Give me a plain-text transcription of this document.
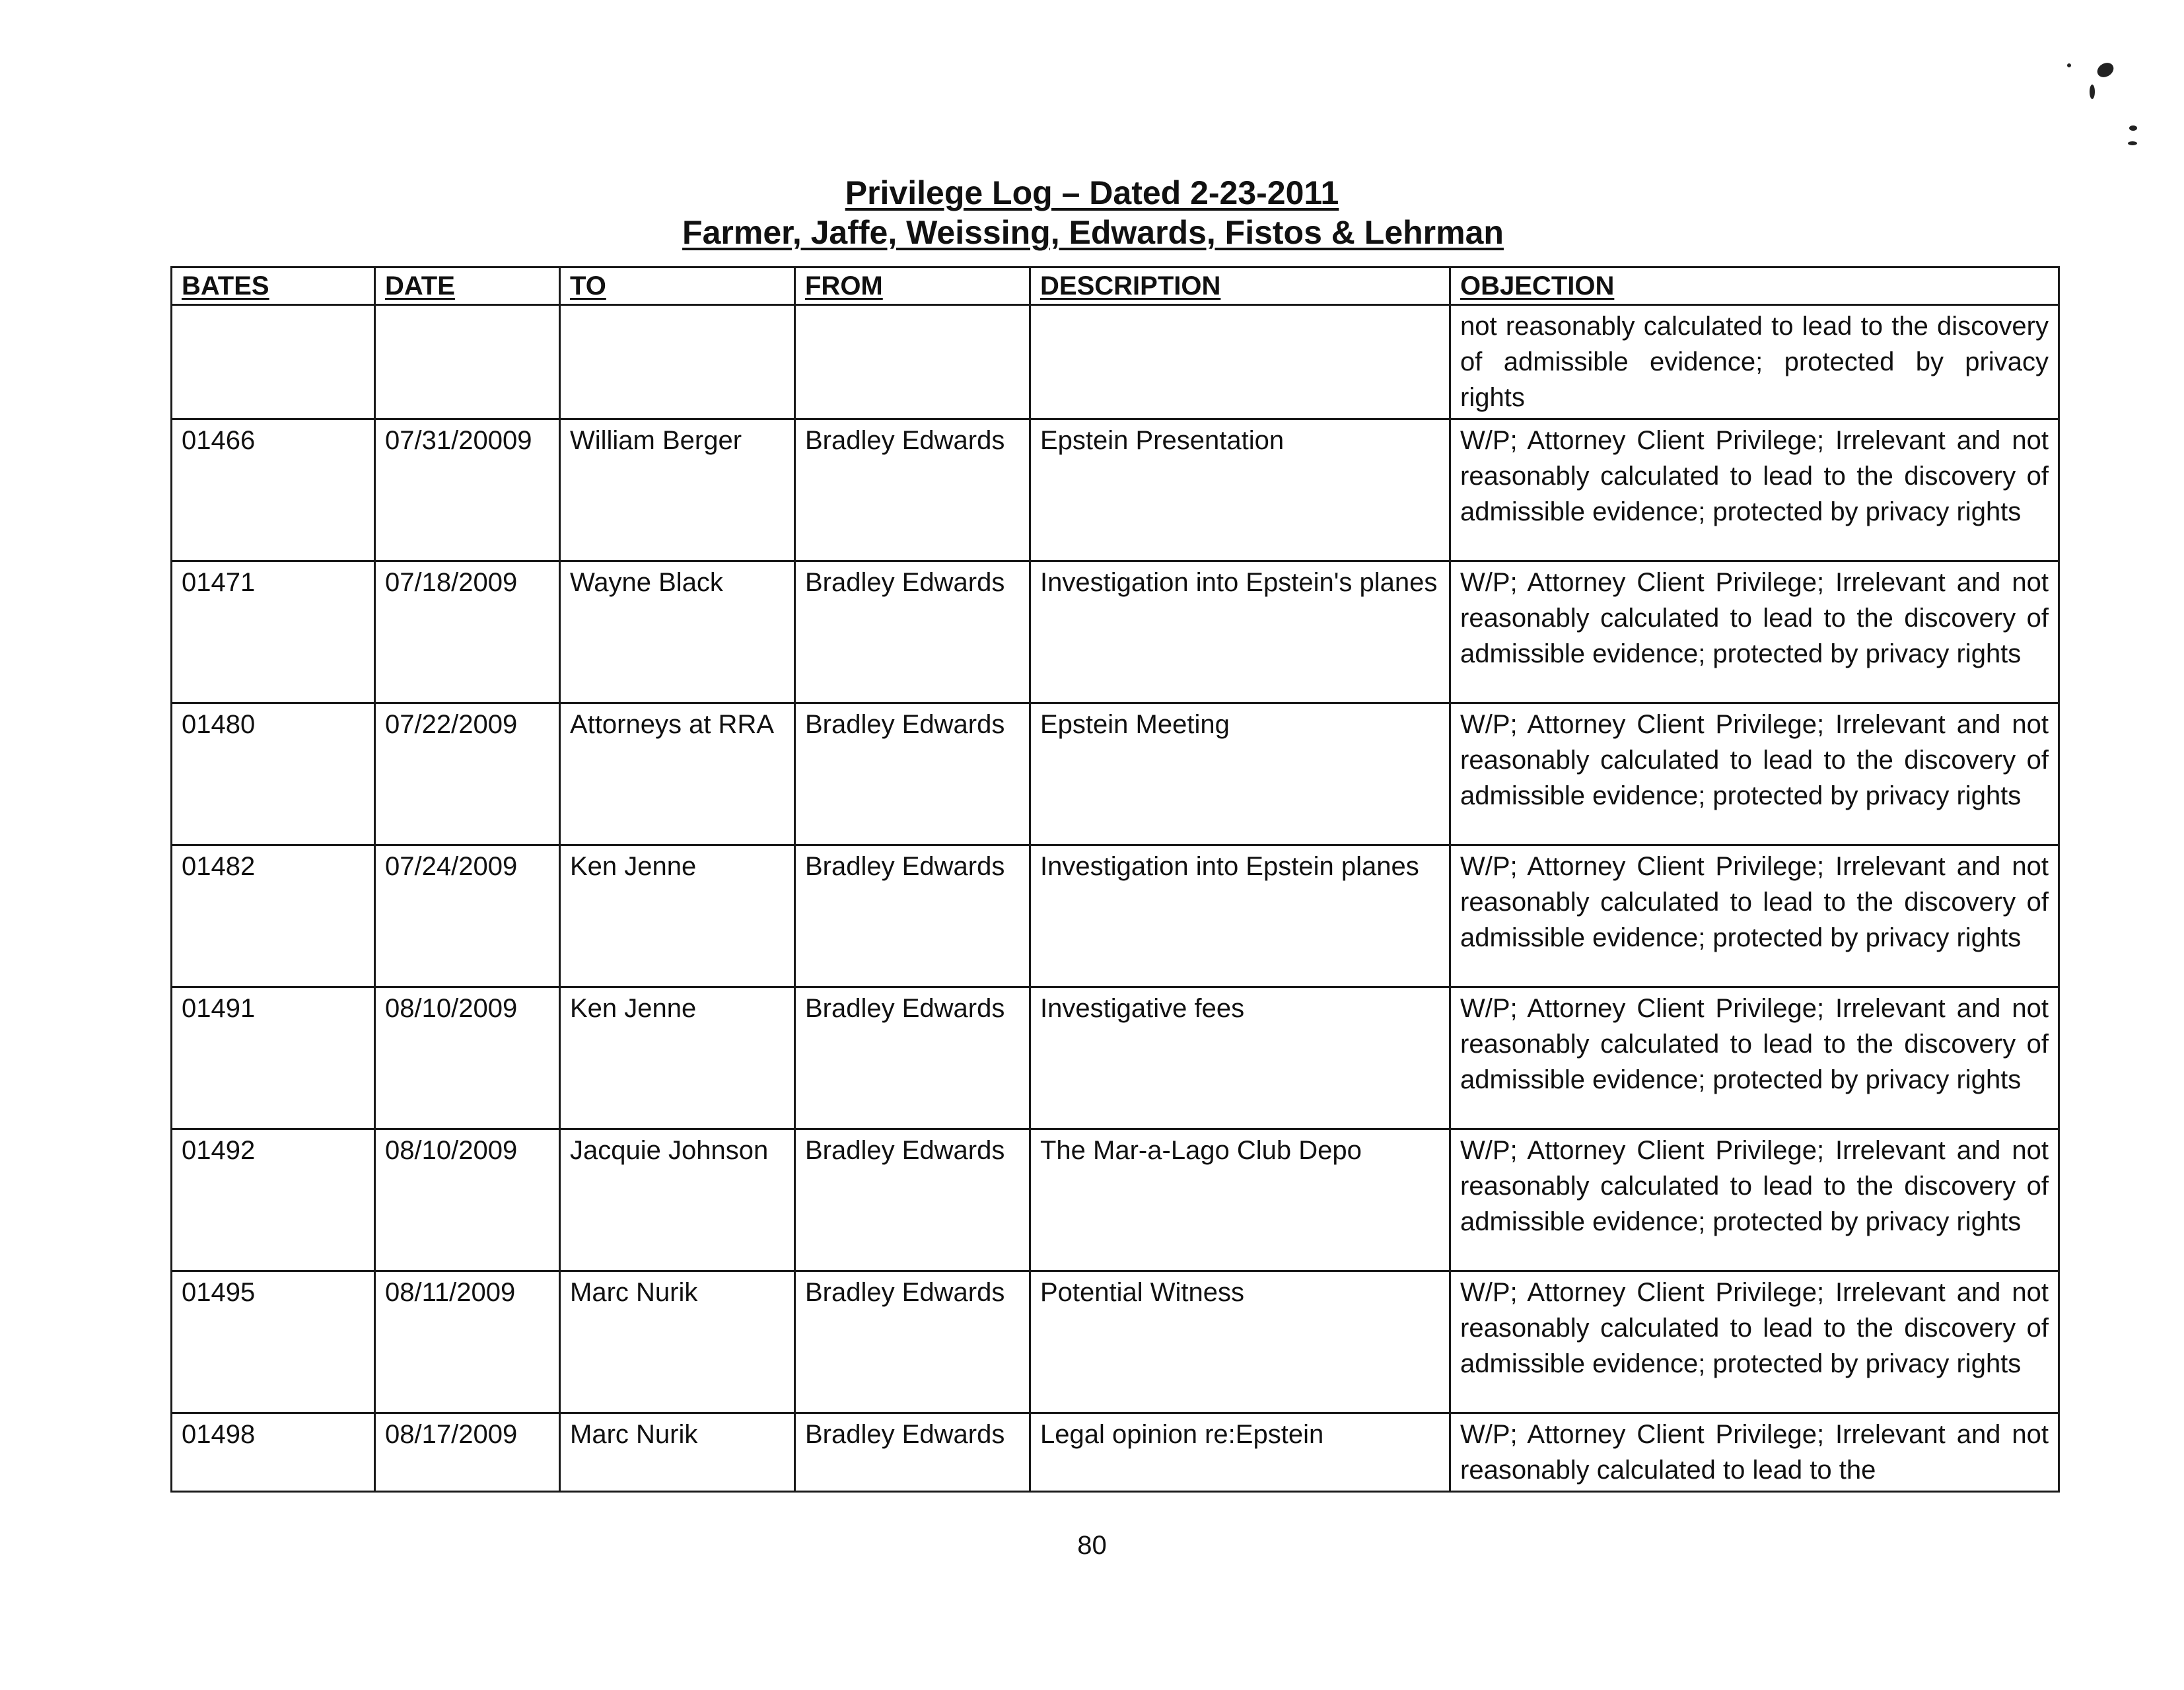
Privilege Log – Dated 2-23-2011
Farmer, Jaffe, Weissing, Edwards, Fistos & Lehrman
BATES	DATE	TO	FROM	DESCRIPTION	OBJECTION
					not reasonably calculated to lead to the discovery of admissible evidence; protected by privacy rights
01466	07/31/20009	William Berger	Bradley Edwards	Epstein Presentation	W/P; Attorney Client Privilege; Irrelevant and not reasonably calculated to lead to the discovery of admissible evidence; protected by privacy rights
01471	07/18/2009	Wayne Black	Bradley Edwards	Investigation into Epstein's planes	W/P; Attorney Client Privilege; Irrelevant and not reasonably calculated to lead to the discovery of admissible evidence; protected by privacy rights
01480	07/22/2009	Attorneys at RRA	Bradley Edwards	Epstein Meeting	W/P; Attorney Client Privilege; Irrelevant and not reasonably calculated to lead to the discovery of admissible evidence; protected by privacy rights
01482	07/24/2009	Ken Jenne	Bradley Edwards	Investigation into Epstein planes	W/P; Attorney Client Privilege; Irrelevant and not reasonably calculated to lead to the discovery of admissible evidence; protected by privacy rights
01491	08/10/2009	Ken Jenne	Bradley Edwards	Investigative fees	W/P; Attorney Client Privilege; Irrelevant and not reasonably calculated to lead to the discovery of admissible evidence; protected by privacy rights
01492	08/10/2009	Jacquie Johnson	Bradley Edwards	The Mar-a-Lago Club Depo	W/P; Attorney Client Privilege; Irrelevant and not reasonably calculated to lead to the discovery of admissible evidence; protected by privacy rights
01495	08/11/2009	Marc Nurik	Bradley Edwards	Potential Witness	W/P; Attorney Client Privilege; Irrelevant and not reasonably calculated to lead to the discovery of admissible evidence; protected by privacy rights
01498	08/17/2009	Marc Nurik	Bradley Edwards	Legal opinion re:Epstein	W/P; Attorney Client Privilege; Irrelevant and not reasonably calculated to lead to the
80
